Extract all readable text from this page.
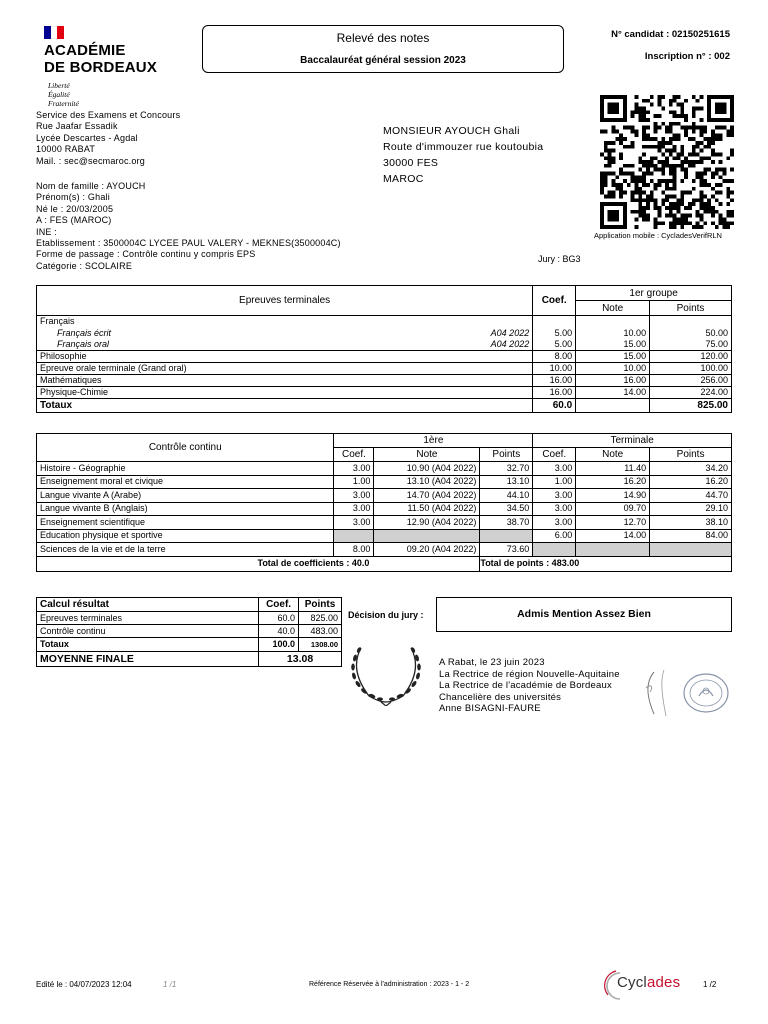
ACADÉMIE
DE BORDEAUX
Liberté
Égalité
Fraternité
Relevé des notes
Baccalauréat général session 2023
N° candidat : 02150251615
Inscription n° : 002
Service des Examens et Concours
Rue Jaafar Essadik
Lycée Descartes - Agdal
10000 RABAT
Mail. : sec@secmaroc.org
MONSIEUR AYOUCH Ghali
Route d'immouzer rue koutoubia
30000 FES
MAROC
Application mobile : CycladesVerifRLN
Nom de famille : AYOUCH
Prénom(s) : Ghali
Né le : 20/03/2005
A : FES (MAROC)
INE :
Etablissement : 3500004C LYCEE PAUL VALERY - MEKNES(3500004C)
Forme de passage : Contrôle continu y compris EPS
Catégorie : SCOLAIRE
Jury : BG3
Epreuves terminales	Coef.	1er groupe	
		Note	Points
Français			
Français écrit A04 2022	5.00	10.00	50.00
Français oral A04 2022	5.00	15.00	75.00
Philosophie	8.00	15.00	120.00
Epreuve orale terminale (Grand oral)	10.00	10.00	100.00
Mathématiques	16.00	16.00	256.00
Physique-Chimie	16.00	14.00	224.00
Totaux	60.0		825.00
Contrôle continu	1ère			Terminale		
	Coef.	Note	Points	Coef.	Note	Points
Histoire - Géographie	3.00	10.90 (A04 2022)	32.70	3.00	11.40	34.20
Enseignement moral et civique	1.00	13.10 (A04 2022)	13.10	1.00	16.20	16.20
Langue vivante A (Arabe)	3.00	14.70 (A04 2022)	44.10	3.00	14.90	44.70
Langue vivante B (Anglais)	3.00	11.50 (A04 2022)	34.50	3.00	09.70	29.10
Enseignement scientifique	3.00	12.90 (A04 2022)	38.70	3.00	12.70	38.10
Education physique et sportive				6.00	14.00	84.00
Sciences de la vie et de la terre	8.00	09.20 (A04 2022)	73.60			
Total de coefficients : 40.0			Total de points : 483.00			
Calcul résultat	Coef.	Points
Epreuves terminales	60.0	825.00
Contrôle continu	40.0	483.00
Totaux	100.0	1308.00
MOYENNE FINALE	13.08	
Décision du jury :	Admis Mention Assez Bien
A Rabat, le 23 juin 2023
La Rectrice de région Nouvelle-Aquitaine
La Rectrice de l'académie de Bordeaux
Chancelière des universités
Anne BISAGNI-FAURE
Edité le : 04/07/2023 12:04	1 /1	Référence Réservée à l'administration : 2023 - 1 - 2	Cyclades	1 /2
